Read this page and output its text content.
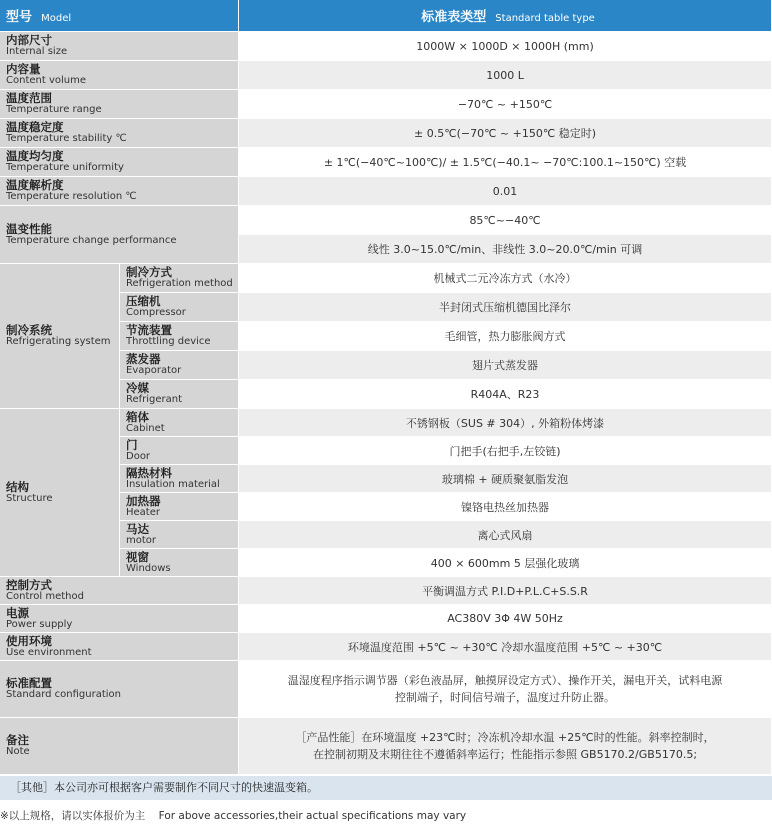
型号 Model		标准表类型 Standard table type

内部尺寸
Internal size		1000W × 1000D × 1000H (mm)

内容量
Content volume		1000 L

温度范围
Temperature range		−70℃ ~ +150℃

温度稳定度
Temperature stability ℃		± 0.5℃(−70℃ ~ +150℃ 稳定时)

温度均匀度
Temperature uniformity		± 1℃(−40℃~100℃)/ ± 1.5℃(−40.1~ −70℃:100.1~150℃) 空载

温度解析度
Temperature resolution ℃		0.01

温变性能
Temperature change performance		85℃~−40℃
		线性 3.0~15.0℃/min、非线性 3.0~20.0℃/min 可调

制冷系统
Refrigerating system	制冷方式
Refrigeration method	机械式二元冷冻方式（水冷）

	压缩机
Compressor	半封闭式压缩机德国比泽尔

	节流装置
Throttling device	毛细管，热力膨胀阀方式

	蒸发器
Evaporator	翅片式蒸发器

	冷媒
Refrigerant	R404A、R23

结构
Structure	箱体
Cabinet	不锈钢板（SUS # 304）, 外箱粉体烤漆

	门
Door	门把手(右把手,左铰链)

	隔热材料
Insulation material	玻璃棉 + 硬质聚氨脂发泡

	加热器
Heater	镍铬电热丝加热器

	马达
motor	离心式风扇

	视窗
Windows	400 × 600mm 5 层强化玻璃

控制方式
Control method		平衡调温方式 P.I.D+P.L.C+S.S.R

电源
Power supply		AC380V 3Φ 4W 50Hz

使用环境
Use environment		环境温度范围 +5℃ ~ +30℃ 冷却水温度范围 +5℃ ~ +30℃

标准配置
Standard configuration		温湿度程序指示调节器（彩色液晶屏，触摸屏设定方式）、操作开关，漏电开关，试料电源
控制端子，时间信号端子，温度过升防止器。

备注
Note		［产品性能］在环境温度 +23℃时；冷冻机冷却水温 +25℃时的性能。斜率控制时，
在控制初期及末期往往不遵循斜率运行；性能指示参照 GB5170.2/GB5170.5;
［其他］本公司亦可根据客户需要制作不同尺寸的快速温变箱。
※以上规格，请以实体报价为主 For above accessories,their actual specifications may vary
